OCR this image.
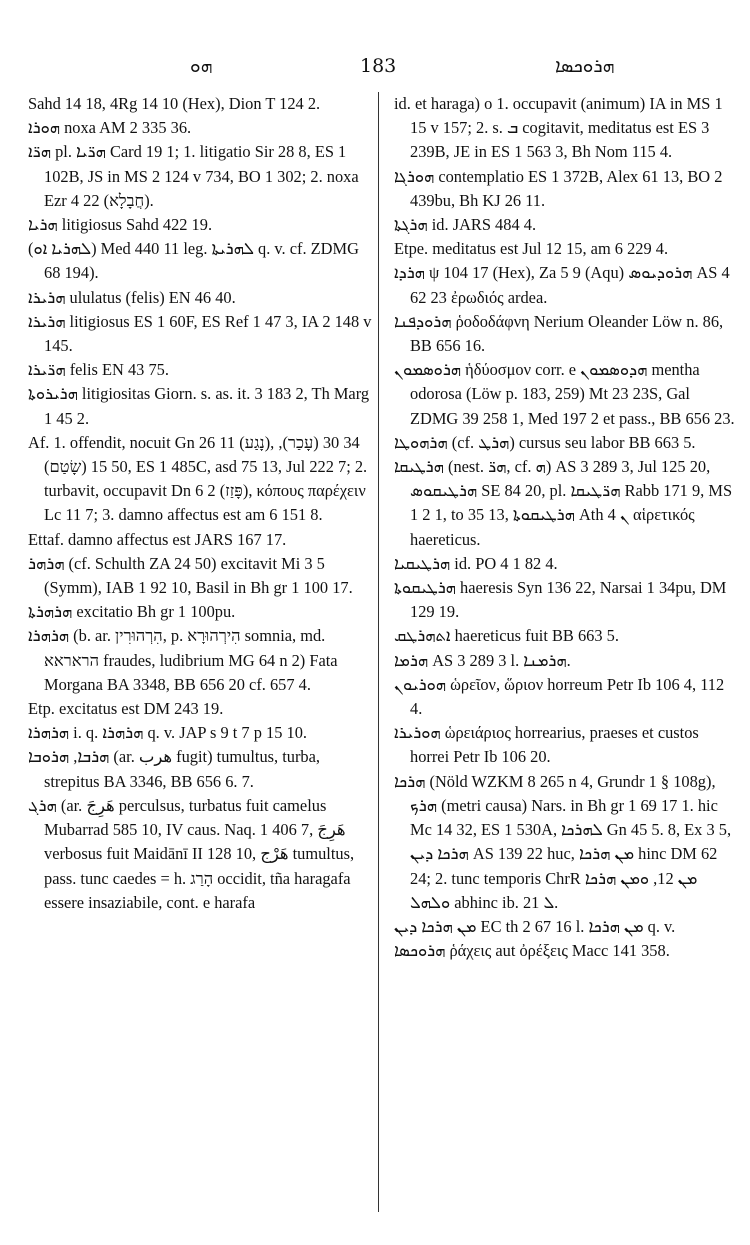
ܗܘ	183	ܗܪܘܟܣܐ

Sahd 14 18, 4Rg 14 10 (Hex), Dion T 124 2.

ܗܘܪܐ noxa AM 2 335 36.

ܗܪ̈ܐ pl. ܗܪ̈ܝܐ Card 19 1; 1. litigatio Sir 28 8, ES 1 102B, JS in MS 2 124 v 734, BO 1 302; 2. noxa Ezr 4 22 (חֲבָלָא).

ܗܪܝܐ litigiosus Sahd 422 19.

(ܠܗܪܝܐ ܐܘ) Med 440 11 leg. ܠܗܪܝܬܐ q. v. cf. ZDMG 68 194).

ܗܪܝܪܐ ululatus (felis) EN 46 40.

ܗܪܝܪܐ litigiosus ES 1 60F, ES Ref 1 47 3, IA 2 148 v 145.

ܗܪ̈ܝܪܐ felis EN 43 75.

ܗܪܝܪܘܬܐ litigiositas Giorn. s. as. it. 3 183 2, Th Marg 1 45 2.

Af. 1. offendit, nocuit Gn 26 11 (נָגַע), 34 30 (עָכַר), 50 15 (שָׂטַם), ES 1 485C, asd 75 13, Jul 222 7; 2. turbavit, occupavit Dn 6 2 (פָּזַז), κόπους παρέχειν Lc 11 7; 3. damno affectus est am 6 151 8.

Ettaf. damno affectus est JARS 167 17.

ܗܪܗܪ (cf. Schulth ZA 24 50) excitavit Mi 3 5 (Symm), IAB 1 92 10, Basil in Bh gr 1 100 17.

ܗܪܗܪܬܐ excitatio Bh gr 1 100pu.

ܗܪܗܪܐ (b. ar. הִרְהוּרִין, p. הִירְהוּרָא somnia, md. הראראא fraudes, ludibrium MG 64 n 2) Fata Morgana BA 3348, BB 656 20 cf. 657 4.

Etp. excitatus est DM 243 19.

ܗܪܗܪܐ i. q. ܗܪܗܪܐ q. v. JAP s 9 t 7 p 15 10.

ܗܪܒܐ, ܗܪܘܒܐ (ar. هرب fugit) tumultus, turba, strepitus BA 3346, BB 656 6. 7.

ܗܪܓ (ar. هَرِجَ perculsus, turbatus fuit camelus Mubarrad 585 10, IV caus. Naq. 1 406 7, هَرِجَ verbosus fuit Maidānī II 128 10, هَرْج tumultus, pass. tunc caedes = h. הָרַג occidit, tña haragafa essere insaziabile, cont. e harafa

id. et haraga) o 1. occupavit (animum) IA in MS 1 15 v 157; 2. s. ܒ cogitavit, meditatus est ES 3 239B, JE in ES 1 563 3, Bh Nom 115 4.

ܗܘܪܓܐ contemplatio ES 1 372B, Alex 61 13, BO 2 439bu, Bh KJ 26 11.

ܗܪܓܬܐ id. JARS 484 4.

Etpe. meditatus est Jul 12 15, am 6 229 4.

ܗܪܕܐ ψ 104 17 (Hex), Za 5 9 (Aqu) ܗܪܘܕܝܘܣ AS 4 62 23 ἐρωδιός ardea.

ܗܪܘܕܦܢܐ ῥοδοδάφνη Nerium Oleander Löw n. 86, BB 656 16.

ܗܪܘܣܡܘܢ ἡδύοσμον corr. e ܗܕܘܣܡܘܢ mentha odorosa (Löw p. 183, 259) Mt 23 23S, Gal ZDMG 39 258 1, Med 197 2 et pass., BB 656 23.

ܗܪܗܘܛܐ (cf. ܗܪܛ) cursus seu labor BB 663 5.

ܗܪܛܝܩܐ (nest. ܗܪ̈, cf. ܗ) AS 3 289 3, Jul 125 20, ܗܪܛܝܩܘܣ SE 84 20, pl. ܗܪ̈ܛܝܩܐ Rabb 171 9, MS 1 2 1, to 35 13, ܗܪܛܝܩܘܬܐ Ath ܢ 4 αἱρετικός haereticus.

ܗܪܛܝܩܝܐ id. PO 4 1 82 4.

ܗܪܛܝܩܘܬܐ haeresis Syn 136 22, Narsai 1 34pu, DM 129 19.

ܐܬܗܪܛܩ haereticus fuit BB 663 5.

ܗܪܡܐ AS 3 289 3 l. ܗܪܡܢܐ.

ܗܘܪܝܘܢ ὡρεῖον, ὥριον horreum Petr Ib 106 4, 112 4.

ܗܘܪܝܪܐ ὡρειάριος horrearius, praeses et custos horrei Petr Ib 106 20.

ܗܪܟܐ (Nöld WZKM 8 265 n 4, Grundr 1 § 108g), ܗܪܟ (metri causa) Nars. in Bh gr 1 69 17 1. hic Mc 14 32, ES 1 530A, ܠܗܪܟܐ Gn 45 5. 8, Ex 3 5, ܗܪܟܐ ܕܝܢ AS 139 22 huc, ܡܢ ܗܪܟܐ hinc DM 62 24; 2. tunc temporis ChrR ܡܢ 12, ܘܡܢ ܗܪܟܐ ܘܠܗܠ abhinc ib. ܠ 21.

ܡܢ ܗܪܟܐ ܕܝܢ EC th 2 67 16 l. ܡܢ ܗܪܟܐ q. v.

ܗܪܘܟܣܐ ῥάχεις aut ὀρέξεις Macc 141 358.
